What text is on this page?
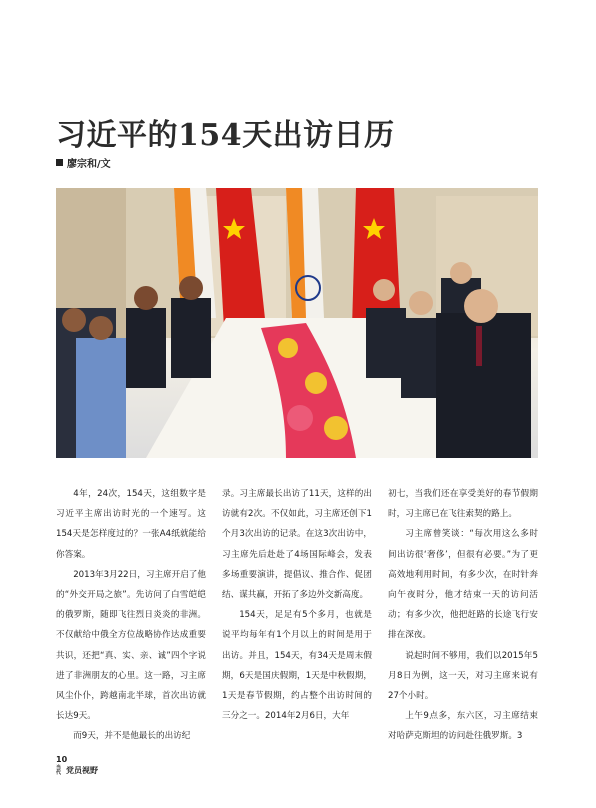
习近平的154天出访日历
廖宗和/文

4年，24次，154天，这组数字是习近平主席出访时光的一个速写。这154天是怎样度过的？一张A4纸就能给你答案。

2013年3月22日，习主席开启了他的“外交开局之旅”。先访问了白雪皑皑的俄罗斯，随即飞往烈日炎炎的非洲。不仅献给中俄全方位战略协作达成重要共识，还把“真、实、亲、诚”四个字说进了非洲朋友的心里。这一路，习主席风尘仆仆，跨越南北半球，首次出访就长达9天。

而9天，并不是他最长的出访纪

录。习主席最长出访了11天，这样的出访就有2次。不仅如此，习主席还创下1个月3次出访的记录。在这3次出访中，习主席先后赴赴了4场国际峰会，发表多场重要演讲，提倡议、推合作、促团结、谋共赢，开拓了多边外交新高度。

154天，足足有5个多月，也就是说平均每年有1个月以上的时间是用于出访。并且，154天，有34天是周末假期，6天是国庆假期，1天是中秋假期，1天是春节假期，约占整个出访时间的三分之一。2014年2月6日，大年

初七，当我们还在享受美好的春节假期时，习主席已在飞往索契的路上。

习主席曾笑谈：“每次用这么多时间出访很‘奢侈’，但很有必要。”为了更高效地利用时间，有多少次，在时针奔向午夜时分，他才结束一天的访问活动；有多少次，他把赶路的长途飞行安排在深夜。

说起时间不够用，我们以2015年5月8日为例，这一天，对习主席来说有27个小时。

上午9点多，东六区，习主席结束对哈萨克斯坦的访问赴往俄罗斯。3

10
当代 党员视野
